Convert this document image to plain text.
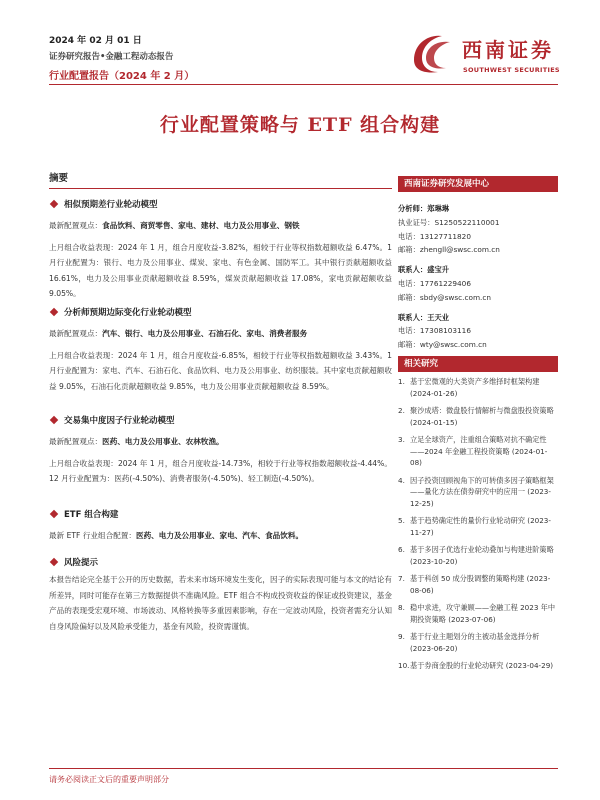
2024 年 02 月 01 日
证券研究报告•金融工程动态报告
行业配置报告（2024 年 2 月）
西南证券
SOUTHWEST SECURITIES
行业配置策略与 ETF 组合构建
摘要
相似预期差行业轮动模型
最新配置观点：食品饮料、商贸零售、家电、建材、电力及公用事业、钢铁
上月组合收益表现：2024 年 1 月，组合月度收益-3.82%，相较于行业等权指数超额收益 6.47%。1月行业配置为：银行、电力及公用事业、煤炭、家电、有色金属、国防军工。其中银行贡献超额收益 16.61%，电力及公用事业贡献超额收益 8.59%，煤炭贡献超额收益 17.08%，家电贡献超额收益 9.05%。
分析师预期边际变化行业轮动模型
最新配置观点：汽车、银行、电力及公用事业、石油石化、家电、消费者服务
上月组合收益表现：2024 年 1 月，组合月度收益-6.85%，相较于行业等权指数超额收益 3.43%。1 月行业配置为：家电、汽车、石油石化、食品饮料、电力及公用事业、纺织服装。其中家电贡献超额收益 9.05%，石油石化贡献超额收益 9.85%，电力及公用事业贡献超额收益 8.59%。
交易集中度因子行业轮动模型
最新配置观点：医药、电力及公用事业、农林牧渔。
上月组合收益表现：2024 年 1 月，组合月度收益-14.73%，相较于行业等权指数超额收益-4.44%。12 月行业配置为：医药(-4.50%)、消费者服务(-4.50%)、轻工制造(-4.50%)。
ETF 组合构建
最新 ETF 行业组合配置：医药、电力及公用事业、家电、汽车、食品饮料。
风险提示
本报告结论完全基于公开的历史数据，若未来市场环境发生变化，因子的实际表现可能与本文的结论有所差异，同时可能存在第三方数据提供不准确风险。ETF 组合不构成投资收益的保证或投资建议，基金产品的表现受宏观环境、市场波动、风格转换等多重因素影响，存在一定波动风险，投资者需充分认知自身风险偏好以及风险承受能力，基金有风险，投资需谨慎。
西南证券研究发展中心
分析师：郑琳琳
执业证号：S1250522110001
电话：13127711820
邮箱：zhengll@swsc.com.cn
联系人：盛宝升
电话：17761229406
邮箱：sbdy@swsc.com.cn
联系人：王天业
电话：17308103116
邮箱：wty@swsc.com.cn
相关研究
1. 基于宏微观的大类资产多维择时框架构建 (2024-01-26)
2. 聚沙成塔：微盘股行情解析与微盘股投资策略 (2024-01-15)
3. 立足全球资产，注重组合策略对抗不确定性——2024 年金融工程投资策略 (2024-01-08)
4. 因子投资回顾视角下的可转债多因子策略框架——量化方法在债券研究中的应用一 (2023-12-25)
5. 基于趋势确定性的量价行业轮动研究 (2023-11-27)
6. 基于多因子优选行业轮动叠加与构建进阶策略 (2023-10-20)
7. 基于科创 50 成分股调整的策略构建 (2023-08-06)
8. 稳中求进，攻守兼顾——金融工程 2023 年中期投资策略 (2023-07-06)
9. 基于行业主题划分的主被动基金选择分析 (2023-06-20)
10. 基于券商金股的行业轮动研究 (2023-04-29)
请务必阅读正文后的重要声明部分
